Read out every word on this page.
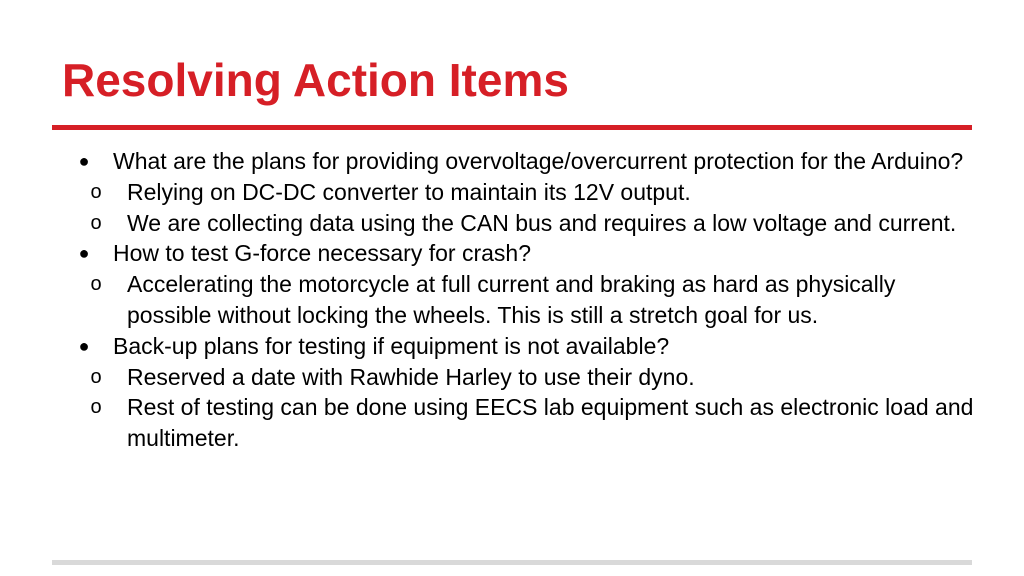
Resolving Action Items
● What are the plans for providing overvoltage/overcurrent protection for the Arduino?
o Relying on DC-DC converter to maintain its 12V output.
o We are collecting data using the CAN bus and requires a low voltage and current.
● How to test G-force necessary for crash?
o Accelerating the motorcycle at full current and braking as hard as physically possible without locking the wheels. This is still a stretch goal for us.
● Back-up plans for testing if equipment is not available?
o Reserved a date with Rawhide Harley to use their dyno.
o Rest of testing can be done using EECS lab equipment such as electronic load and multimeter.
